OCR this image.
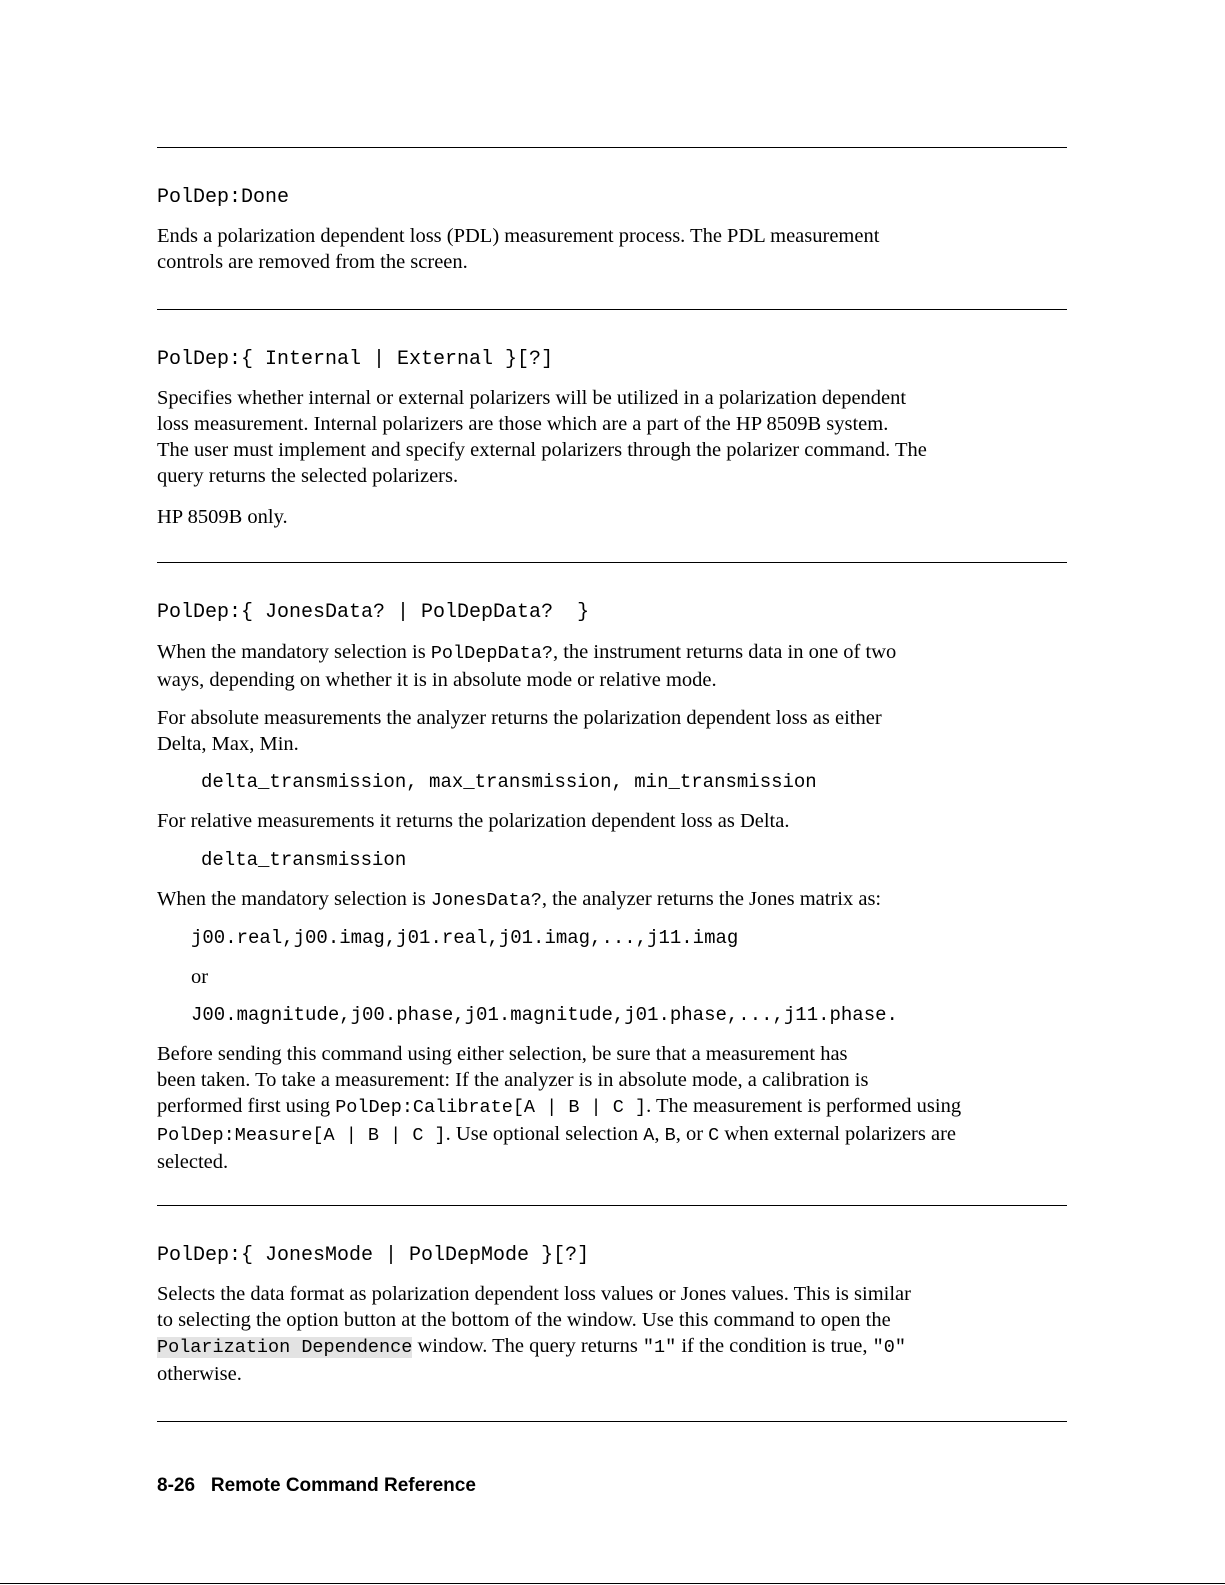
PolDep:Done
Ends a polarization dependent loss (PDL) measurement process. The PDL measurement
controls are removed from the screen.
PolDep:{ Internal | External }[?]
Specifies whether internal or external polarizers will be utilized in a polarization dependent
loss measurement. Internal polarizers are those which are a part of the HP 8509B system.
The user must implement and specify external polarizers through the polarizer command. The
query returns the selected polarizers.
HP 8509B only.
PolDep:{ JonesData? | PolDepData?  }
When the mandatory selection is PolDepData?, the instrument returns data in one of two
ways, depending on whether it is in absolute mode or relative mode.
For absolute measurements the analyzer returns the polarization dependent loss as either
Delta, Max, Min.
delta_transmission, max_transmission, min_transmission
For relative measurements it returns the polarization dependent loss as Delta.
delta_transmission
When the mandatory selection is JonesData?, the analyzer returns the Jones matrix as:
j00.real,j00.imag,j01.real,j01.imag,...,j11.imag
or
J00.magnitude,j00.phase,j01.magnitude,j01.phase,...,j11.phase.
Before sending this command using either selection, be sure that a measurement has
been taken. To take a measurement: If the analyzer is in absolute mode, a calibration is
performed first using PolDep:Calibrate[A | B | C ]. The measurement is performed using
PolDep:Measure[A | B | C ]. Use optional selection A, B, or C when external polarizers are
selected.
PolDep:{ JonesMode | PolDepMode }[?]
Selects the data format as polarization dependent loss values or Jones values. This is similar
to selecting the option button at the bottom of the window. Use this command to open the
Polarization Dependence window. The query returns "1" if the condition is true, "0"
otherwise.
8-26   Remote Command Reference
